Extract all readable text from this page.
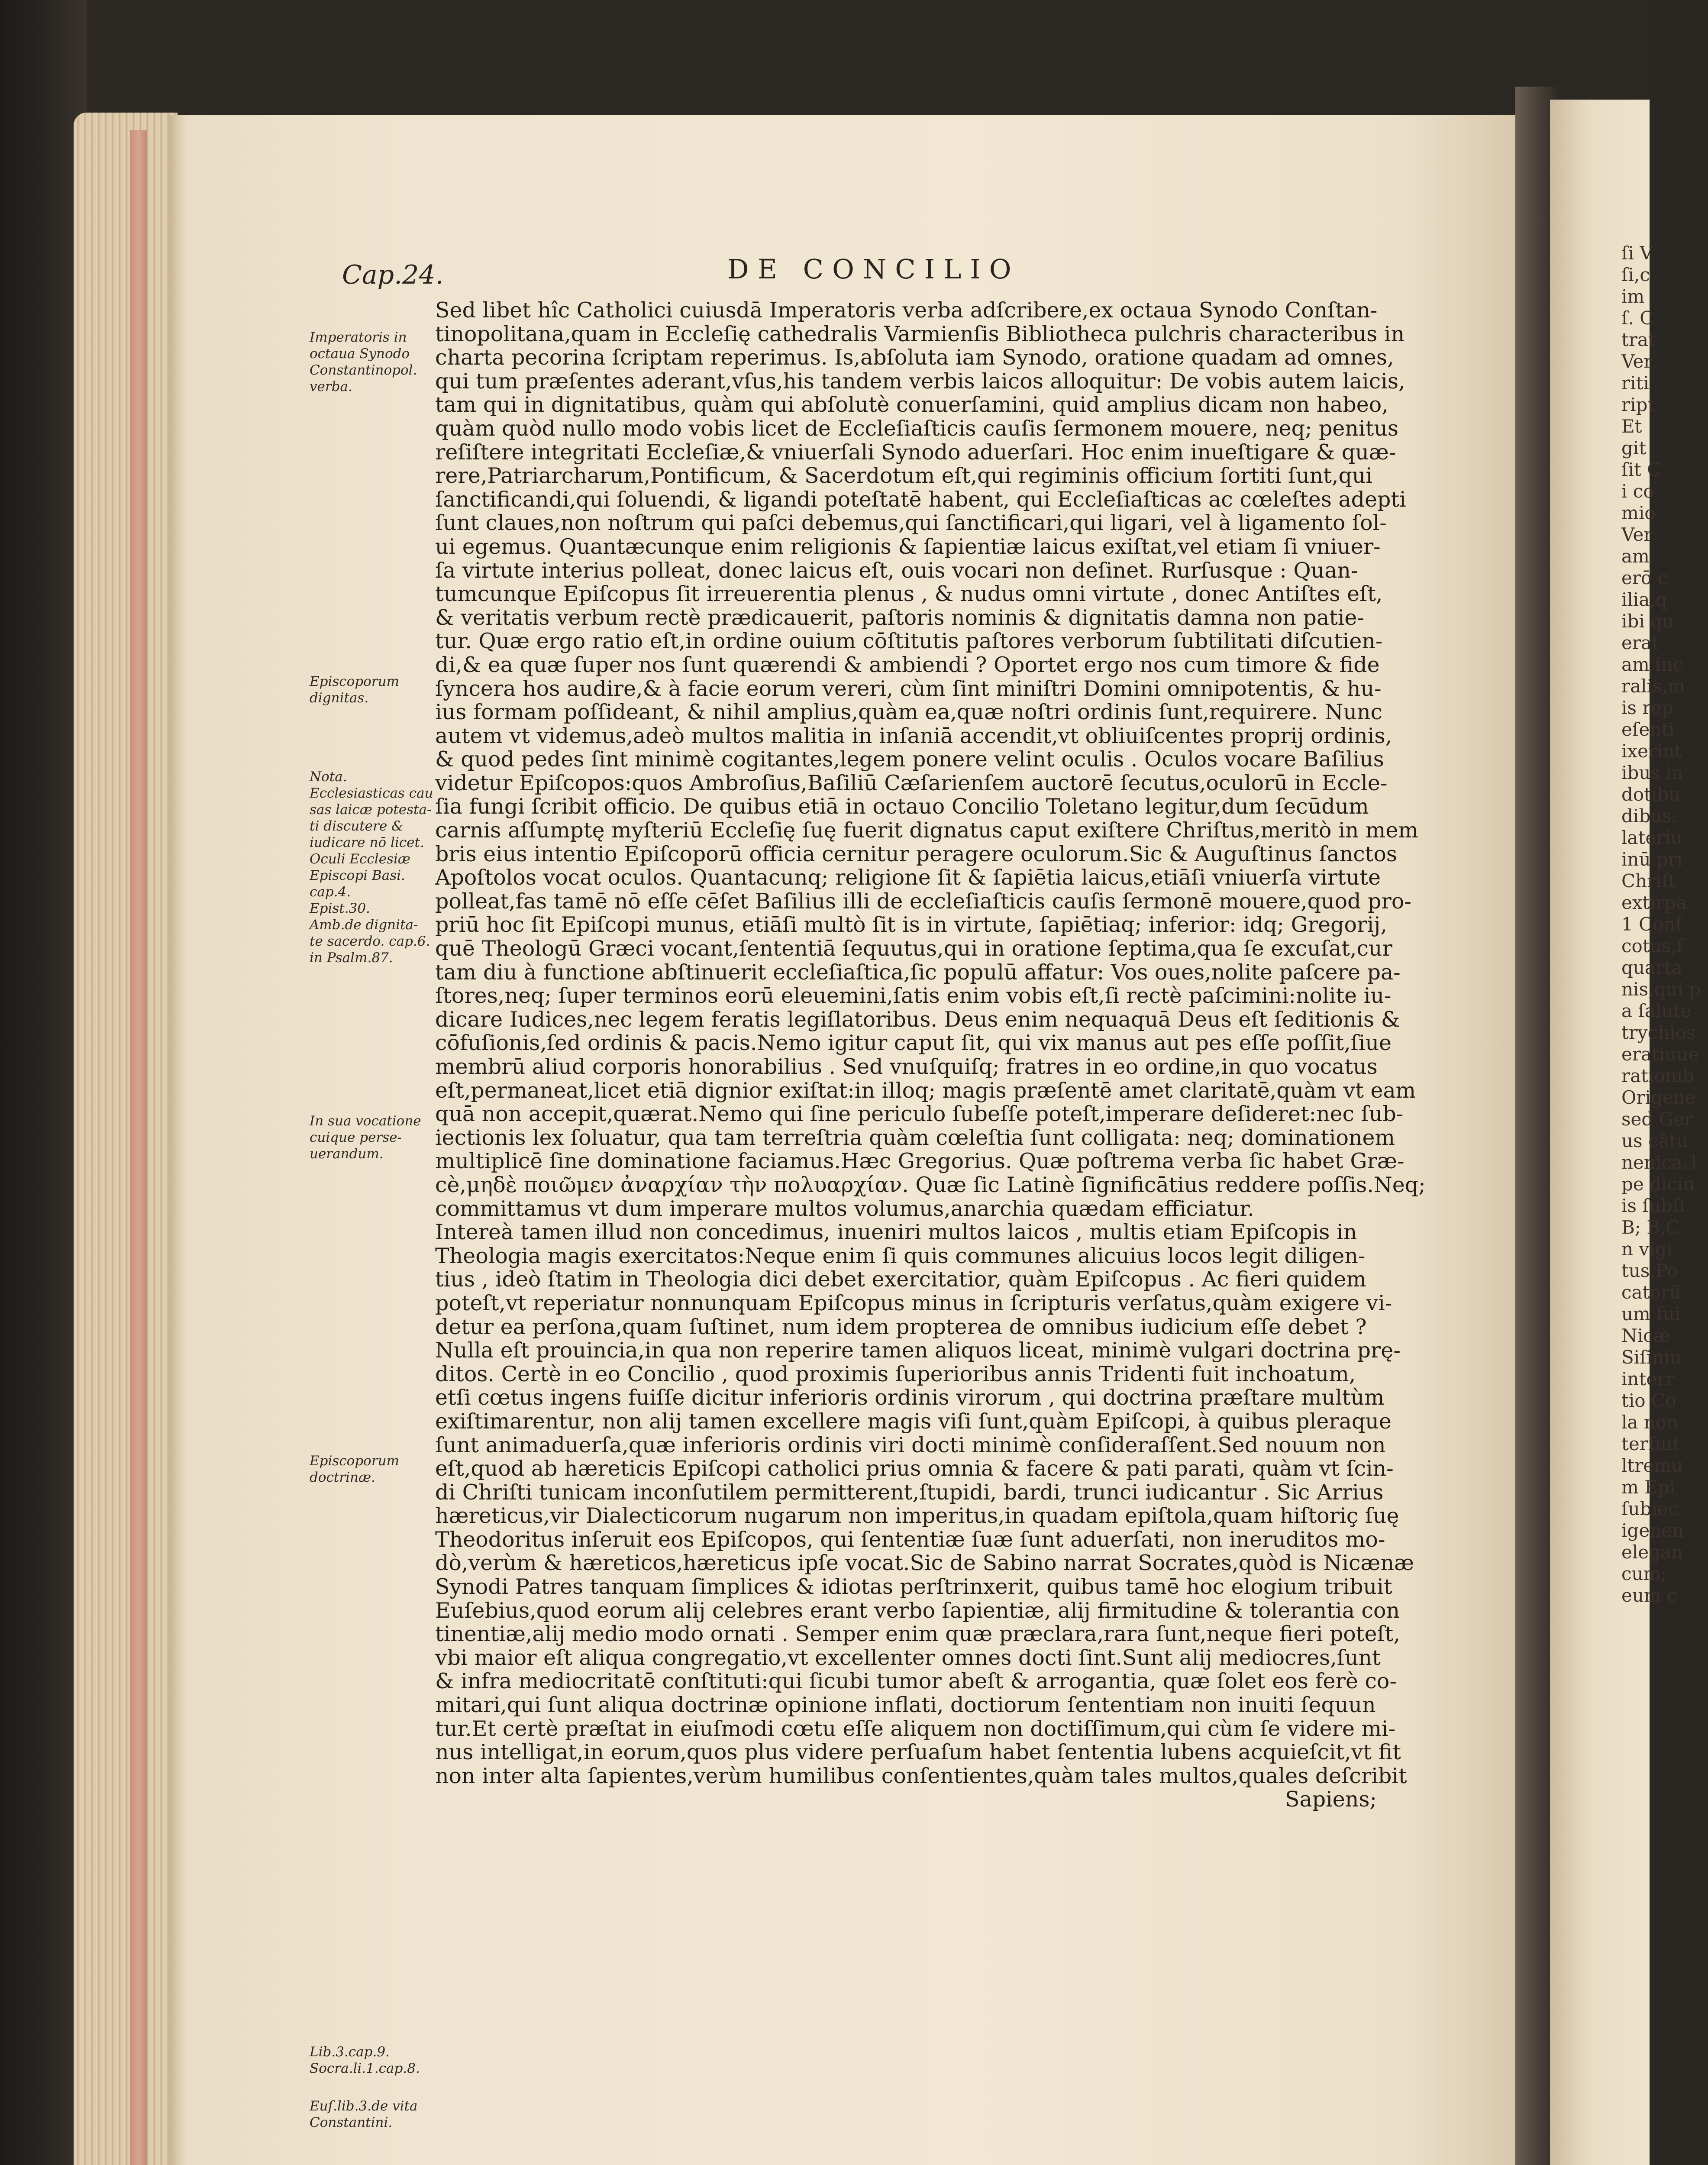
ſi V
ſi,c
im
ſ. C
trat
Ver
riti
ript
Et
git
ſit C
i co
mio
Ver
am
erō c
ilia,q
ibi qu
erat
am inc
ralis,m
is rep
eſenti
ixerint
ibus in
dotibu
dibus.
lateriu
inū pri
Chriſt
extirpa
1 Conf
cotus,ſ
quarta
nis,qui p
a ſalute
trychios
eratiuue
rationib
Origene
sed Ger
us cātu
nenica.1
pe dicin
is ſubſi
B; B,C
n vigi
tus,Po
catorū
um fui
Nicæ
Siſiniu
interr
tio Co
la non
terfuit
ltremu
m Epi
ſubiec
igenen
elegan
cum;
eum c
Cap.24.	DE CONCILIO
Imperatoris in
octaua Synodo
Constantinopol.
verba.
Episcoporum
dignitas.
Nota.
Ecclesiasticas cau
sas laicæ potesta-
ti discutere &
iudicare nō licet.
Oculi Ecclesiæ
Episcopi Basi.
cap.4.
Epist.30.
Amb.de dignita-
te sacerdo. cap.6.
in Psalm.87.
In sua vocatione
cuique perse-
uerandum.
Episcoporum
doctrinæ.
Lib.3.cap.9.
Socra.li.1.cap.8.
Euſ.lib.3.de vita
Constantini.
Sed libet hîc Catholici cuiusdā Imperatoris verba adſcribere,ex octaua Synodo Conſtan-
tinopolitana,quam in Eccleſię cathedralis Varmienſis Bibliotheca pulchris characteribus in
charta pecorina ſcriptam reperimus. Is,abſoluta iam Synodo, oratione quadam ad omnes,
qui tum præſentes aderant,vſus,his tandem verbis laicos alloquitur: De vobis autem laicis,
tam qui in dignitatibus, quàm qui abſolutè conuerſamini, quid amplius dicam non habeo,
quàm quòd nullo modo vobis licet de Eccleſiaſticis cauſis ſermonem mouere, neq; penitus
reſiſtere integritati Eccleſiæ,& vniuerſali Synodo aduerſari. Hoc enim inueſtigare & quæ-
rere,Patriarcharum,Pontificum, & Sacerdotum eſt,qui regiminis officium ſortiti ſunt,qui
ſanctificandi,qui ſoluendi, & ligandi poteſtatē habent, qui Eccleſiaſticas ac cœleſtes adepti
ſunt claues,non noſtrum qui paſci debemus,qui ſanctificari,qui ligari, vel à ligamento ſol-
ui egemus. Quantæcunque enim religionis & ſapientiæ laicus exiſtat,vel etiam ſi vniuer-
ſa virtute interius polleat, donec laicus eſt, ouis vocari non deſinet. Rurſusque : Quan-
tumcunque Epiſcopus ſit irreuerentia plenus , & nudus omni virtute , donec Antiſtes eſt,
& veritatis verbum rectè prædicauerit, paſtoris nominis & dignitatis damna non patie-
tur. Quæ ergo ratio eſt,in ordine ouium cōſtitutis paſtores verborum ſubtilitati diſcutien-
di,& ea quæ ſuper nos ſunt quærendi & ambiendi ? Oportet ergo nos cum timore & fide
ſyncera hos audire,& à facie eorum vereri, cùm ſint miniſtri Domini omnipotentis, & hu-
ius formam poſſideant, & nihil amplius,quàm ea,quæ noſtri ordinis ſunt,requirere. Nunc
autem vt videmus,adeò multos malitia in inſaniā accendit,vt obliuiſcentes proprij ordinis,
& quod pedes ſint minimè cogitantes,legem ponere velint oculis . Oculos vocare Baſilius
videtur Epiſcopos:quos Ambroſius,Baſiliū Cæſarienſem auctorē ſecutus,oculorū in Eccle-
ſia fungi ſcribit officio. De quibus etiā in octauo Concilio Toletano legitur,dum ſecūdum
carnis aſſumptę myſteriū Eccleſię ſuę fuerit dignatus caput exiſtere Chriſtus,meritò in mem
bris eius intentio Epiſcoporū officia cernitur peragere oculorum.Sic & Auguſtinus ſanctos
Apoſtolos vocat oculos. Quantacunq; religione ſit & ſapiētia laicus,etiāſi vniuerſa virtute
polleat,fas tamē nō eſſe cēſet Baſilius illi de eccleſiaſticis cauſis ſermonē mouere,quod pro-
priū hoc ſit Epiſcopi munus, etiāſi multò ſit is in virtute, ſapiētiaq; inferior: idq; Gregorij,
quē Theologū Græci vocant,ſententiā ſequutus,qui in oratione ſeptima,qua ſe excuſat,cur
tam diu à functione abſtinuerit eccleſiaſtica,ſic populū affatur: Vos oues,nolite paſcere pa-
ſtores,neq; ſuper terminos eorū eleuemini,ſatis enim vobis eſt,ſi rectè paſcimini:nolite iu-
dicare Iudices,nec legem feratis legiſlatoribus. Deus enim nequaquā Deus eſt ſeditionis &
cōfuſionis,ſed ordinis & pacis.Nemo igitur caput ſit, qui vix manus aut pes eſſe poſſit,ſiue
membrū aliud corporis honorabilius . Sed vnuſquiſq; fratres in eo ordine,in quo vocatus
eſt,permaneat,licet etiā dignior exiſtat:in illoq; magis præſentē amet claritatē,quàm vt eam
quā non accepit,quærat.Nemo qui ſine periculo ſubeſſe poteſt,imperare deſideret:nec ſub-
iectionis lex ſoluatur, qua tam terreſtria quàm cœleſtia ſunt colligata: neq; dominationem
multiplicē ſine dominatione faciamus.Hæc Gregorius. Quæ poſtrema verba ſic habet Græ-
cè,μηδὲ ποιῶμεν ἀναρχίαν τὴν πολυαρχίαν. Quæ ſic Latinè ſignificātius reddere poſſis.Neq;
committamus vt dum imperare multos volumus,anarchia quædam efficiatur.
Intereà tamen illud non concedimus, inueniri multos laicos , multis etiam Epiſcopis in
Theologia magis exercitatos:Neque enim ſi quis communes alicuius locos legit diligen-
tius , ideò ſtatim in Theologia dici debet exercitatior, quàm Epiſcopus . Ac fieri quidem
poteſt,vt reperiatur nonnunquam Epiſcopus minus in ſcripturis verſatus,quàm exigere vi-
detur ea perſona,quam ſuſtinet, num idem propterea de omnibus iudicium eſſe debet ?
Nulla eſt prouincia,in qua non reperire tamen aliquos liceat, minimè vulgari doctrina prę-
ditos. Certè in eo Concilio , quod proximis ſuperioribus annis Tridenti fuit inchoatum,
etſi cœtus ingens fuiſſe dicitur inferioris ordinis virorum , qui doctrina præſtare multùm
exiſtimarentur, non alij tamen excellere magis viſi ſunt,quàm Epiſcopi, à quibus pleraque
ſunt animaduerſa,quæ inferioris ordinis viri docti minimè conſideraſſent.Sed nouum non
eſt,quod ab hæreticis Epiſcopi catholici prius omnia & facere & pati parati, quàm vt ſcin-
di Chriſti tunicam inconſutilem permitterent,ſtupidi, bardi, trunci iudicantur . Sic Arrius
hæreticus,vir Dialecticorum nugarum non imperitus,in quadam epiſtola,quam hiſtoriç ſuę
Theodoritus inſeruit eos Epiſcopos, qui ſententiæ ſuæ ſunt aduerſati, non ineruditos mo-
dò,verùm & hæreticos,hæreticus ipſe vocat.Sic de Sabino narrat Socrates,quòd is Nicænæ
Synodi Patres tanquam ſimplices & idiotas perſtrinxerit, quibus tamē hoc elogium tribuit
Euſebius,quod eorum alij celebres erant verbo ſapientiæ, alij firmitudine & tolerantia con
tinentiæ,alij medio modo ornati . Semper enim quæ præclara,rara ſunt,neque fieri poteſt,
vbi maior eſt aliqua congregatio,vt excellenter omnes docti ſint.Sunt alij mediocres,ſunt
& infra mediocritatē conſtituti:qui ſicubi tumor abeſt & arrogantia, quæ ſolet eos ferè co-
mitari,qui ſunt aliqua doctrinæ opinione inflati, doctiorum ſententiam non inuiti ſequun
tur.Et certè præſtat in eiuſmodi cœtu eſſe aliquem non doctiſſimum,qui cùm ſe videre mi-
nus intelligat,in eorum,quos plus videre perſuaſum habet ſententia lubens acquieſcit,vt fit
non inter alta ſapientes,verùm humilibus conſentientes,quàm tales multos,quales deſcribit
Sapiens;
